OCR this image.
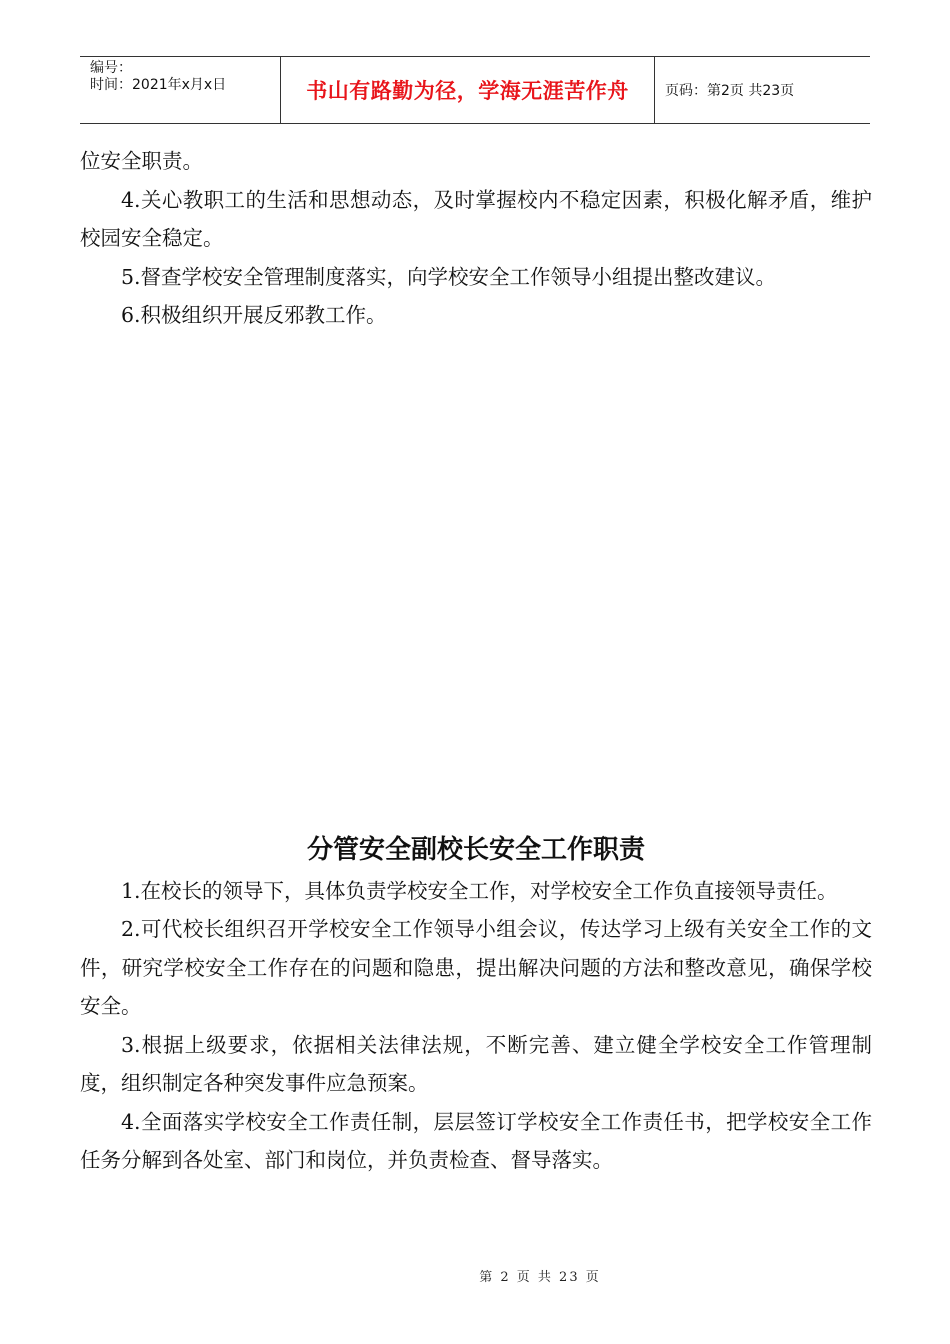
编号：
时间：2021年x月x日	书山有路勤为径，学海无涯苦作舟	页码：第2页 共23页

位安全职责。

4.关心教职工的生活和思想动态，及时掌握校内不稳定因素，积极化解矛盾，维护校园安全稳定。

5.督查学校安全管理制度落实，向学校安全工作领导小组提出整改建议。

6.积极组织开展反邪教工作。

分管安全副校长安全工作职责

1.在校长的领导下，具体负责学校安全工作，对学校安全工作负直接领导责任。

2.可代校长组织召开学校安全工作领导小组会议，传达学习上级有关安全工作的文件，研究学校安全工作存在的问题和隐患，提出解决问题的方法和整改意见，确保学校安全。

3.根据上级要求，依据相关法律法规，不断完善、建立健全学校安全工作管理制度，组织制定各种突发事件应急预案。

4.全面落实学校安全工作责任制，层层签订学校安全工作责任书，把学校安全工作任务分解到各处室、部门和岗位，并负责检查、督导落实。

第 2 页 共 23 页
